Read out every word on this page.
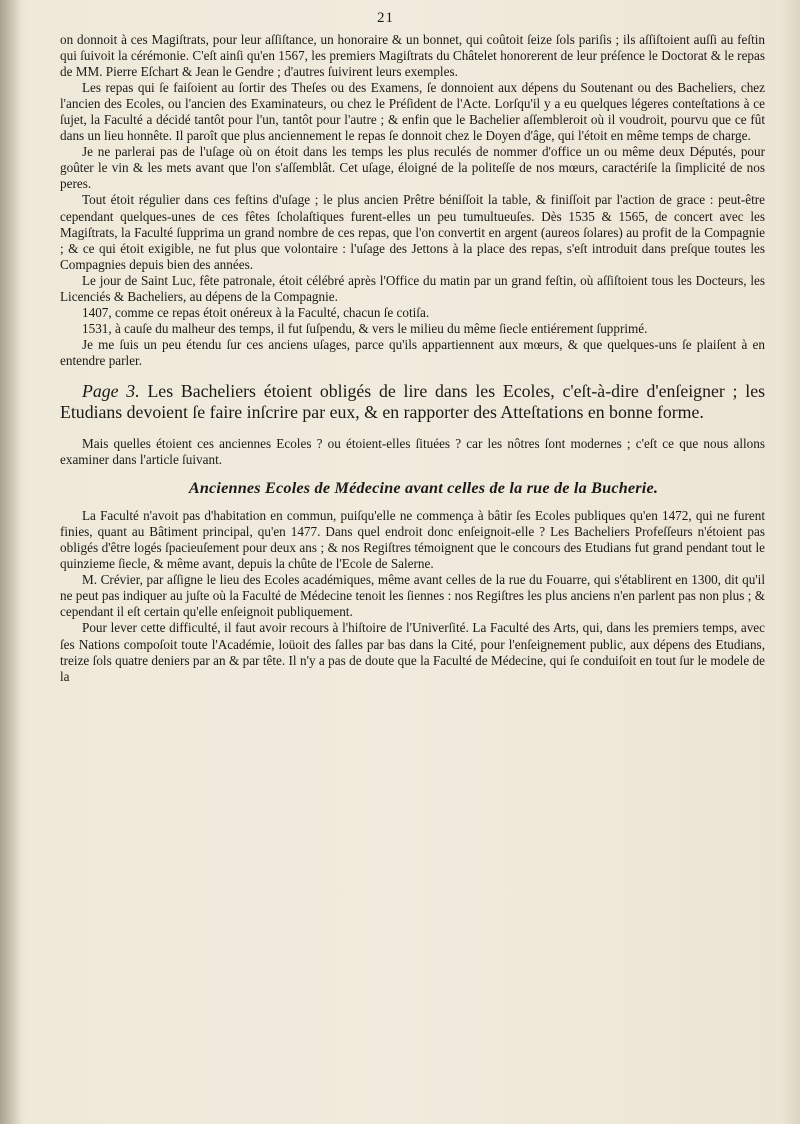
21

on donnoit à ces Magiſtrats, pour leur aſſiſtance, un honoraire & un bonnet, qui coûtoit ſeize ſols pariſis ; ils aſſiſtoient auſſi au feſtin qui ſuivoit la cérémonie. C'eſt ainſi qu'en 1567, les premiers Magiſtrats du Châtelet honorerent de leur préſence le Doctorat & le repas de MM. Pierre Eſchart & Jean le Gendre ; d'autres ſuivirent leurs exemples.

Les repas qui ſe faiſoient au ſortir des Theſes ou des Examens, ſe donnoient aux dépens du Soutenant ou des Bacheliers, chez l'ancien des Ecoles, ou l'ancien des Examinateurs, ou chez le Préſident de l'Acte. Lorſqu'il y a eu quelques légeres conteſtations à ce ſujet, la Faculté a décidé tantôt pour l'un, tantôt pour l'autre ; & enfin que le Bachelier aſſembleroit où il voudroit, pourvu que ce fût dans un lieu honnête. Il paroît que plus anciennement le repas ſe donnoit chez le Doyen d'âge, qui l'étoit en même temps de charge.

Je ne parlerai pas de l'uſage où on étoit dans les temps les plus reculés de nommer d'office un ou même deux Députés, pour goûter le vin & les mets avant que l'on s'aſſemblât. Cet uſage, éloigné de la politeſſe de nos mœurs, caractériſe la ſimplicité de nos peres.

Tout étoit régulier dans ces feſtins d'uſage ; le plus ancien Prêtre béniſſoit la table, & finiſſoit par l'action de grace : peut-être cependant quelques-unes de ces fêtes ſcholaſtiques furent-elles un peu tumultueuſes. Dès 1535 & 1565, de concert avec les Magiſtrats, la Faculté ſupprima un grand nombre de ces repas, que l'on convertit en argent (aureos ſolares) au profit de la Compagnie ; & ce qui étoit exigible, ne fut plus que volontaire : l'uſage des Jettons à la place des repas, s'eſt introduit dans preſque toutes les Compagnies depuis bien des années.

Le jour de Saint Luc, fête patronale, étoit célébré après l'Office du matin par un grand feſtin, où aſſiſtoient tous les Docteurs, les Licenciés & Bacheliers, au dépens de la Compagnie.

1407, comme ce repas étoit onéreux à la Faculté, chacun ſe cotiſa.

1531, à cauſe du malheur des temps, il fut ſuſpendu, & vers le milieu du même ſiecle entiérement ſupprimé.

Je me ſuis un peu étendu ſur ces anciens uſages, parce qu'ils appartiennent aux mœurs, & que quelques-uns ſe plaiſent à en entendre parler.

Page 3. Les Bacheliers étoient obligés de lire dans les Ecoles, c'eſt-à-dire d'enſeigner ; les Etudians devoient ſe faire inſcrire par eux, & en rapporter des Atteſtations en bonne forme.

Mais quelles étoient ces anciennes Ecoles ? ou étoient-elles ſituées ? car les nôtres ſont modernes ; c'eſt ce que nous allons examiner dans l'article ſuivant.

Anciennes Ecoles de Médecine avant celles de la rue de la Bucherie.

La Faculté n'avoit pas d'habitation en commun, puiſqu'elle ne commença à bâtir ſes Ecoles publiques qu'en 1472, qui ne furent finies, quant au Bâtiment principal, qu'en 1477. Dans quel endroit donc enſeignoit-elle ? Les Bacheliers Profeſſeurs n'étoient pas obligés d'être logés ſpacieuſement pour deux ans ; & nos Regiſtres témoignent que le concours des Etudians fut grand pendant tout le quinzieme ſiecle, & même avant, depuis la chûte de l'Ecole de Salerne.

M. Crévier, par aſſigne le lieu des Ecoles académiques, même avant celles de la rue du Fouarre, qui s'établirent en 1300, dit qu'il ne peut pas indiquer au juſte où la Faculté de Médecine tenoit les ſiennes : nos Regiſtres les plus anciens n'en parlent pas non plus ; & cependant il eſt certain qu'elle enſeignoit publiquement.

Pour lever cette difficulté, il faut avoir recours à l'hiſtoire de l'Univerſité. La Faculté des Arts, qui, dans les premiers temps, avec ſes Nations compoſoit toute l'Académie, loüoit des ſalles par bas dans la Cité, pour l'enſeignement public, aux dépens des Etudians, treize ſols quatre deniers par an & par tête. Il n'y a pas de doute que la Faculté de Médecine, qui ſe conduiſoit en tout ſur le modele de la
